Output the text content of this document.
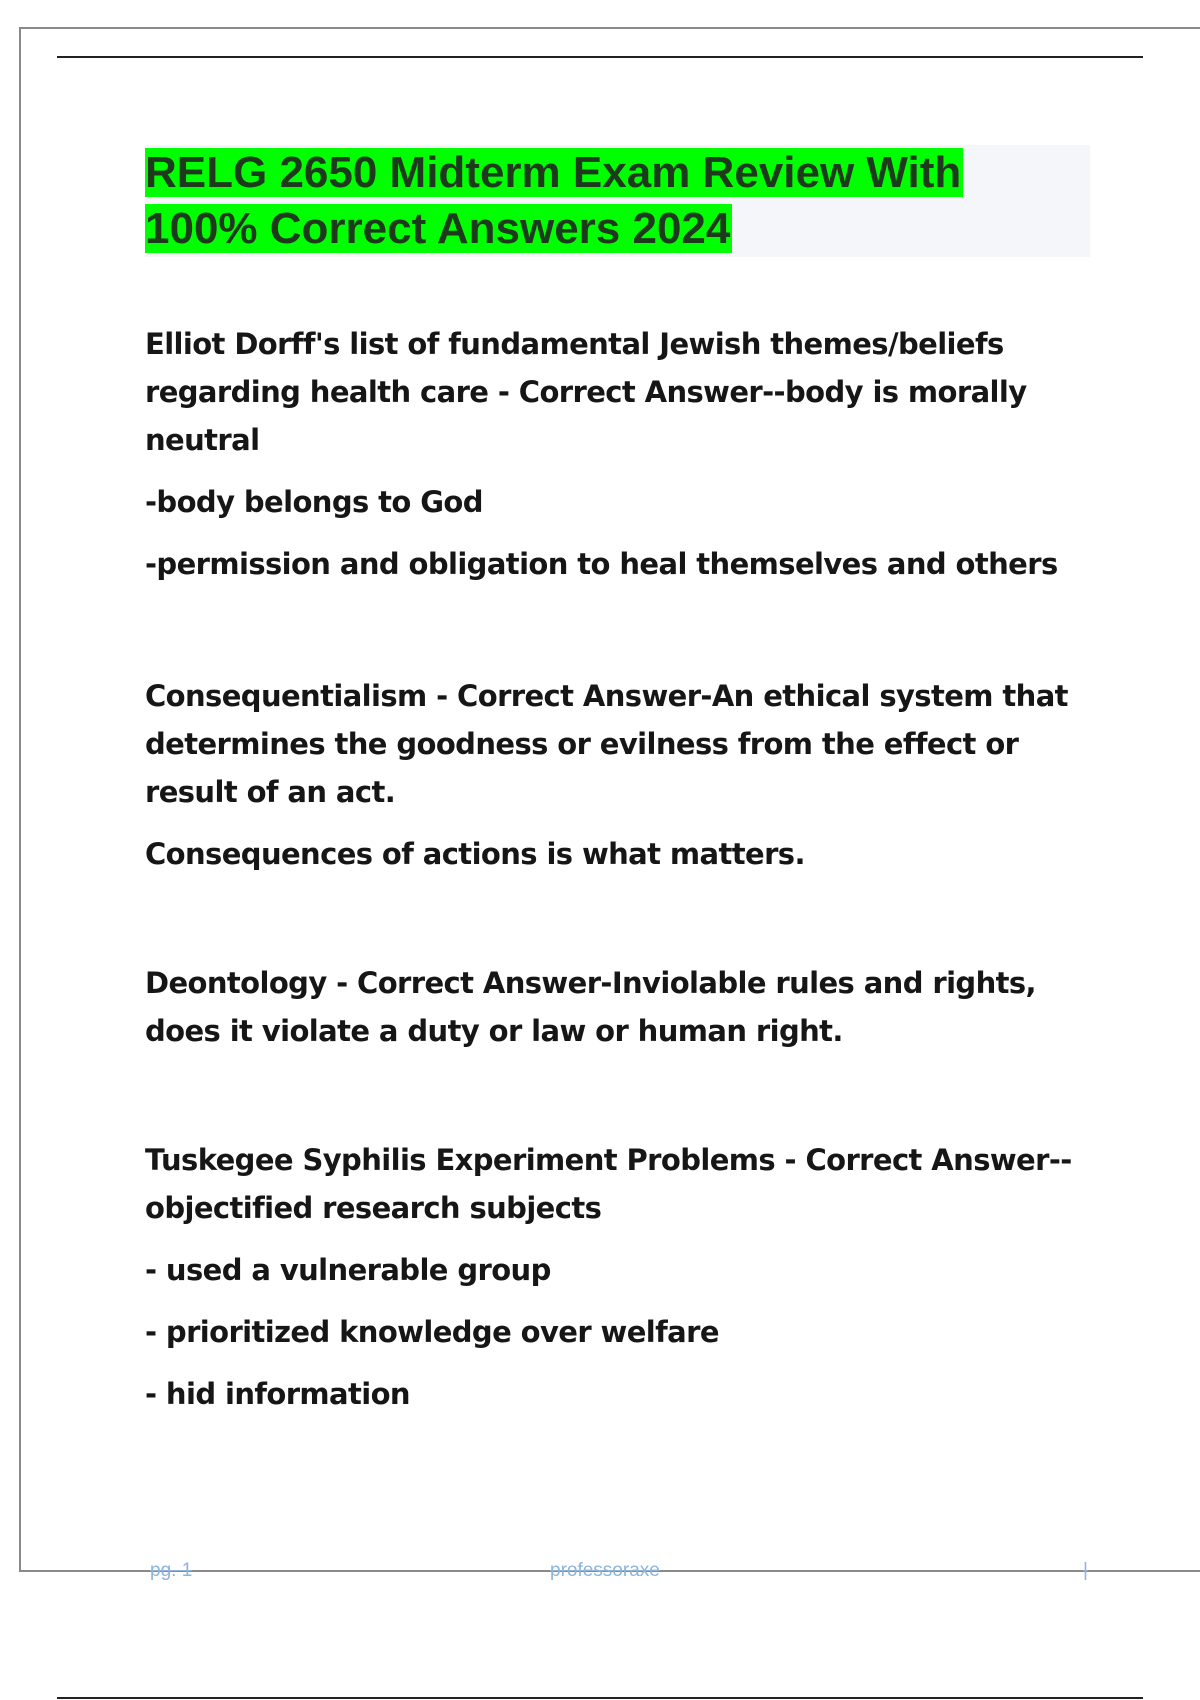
RELG 2650 Midterm Exam Review With
100% Correct Answers 2024

Elliot Dorff's list of fundamental Jewish themes/beliefs regarding health care - Correct Answer--body is morally neutral

-body belongs to God

-permission and obligation to heal themselves and others

Consequentialism - Correct Answer-An ethical system that determines the goodness or evilness from the effect or result of an act.

Consequences of actions is what matters.

Deontology - Correct Answer-Inviolable rules and rights, does it violate a duty or law or human right.

Tuskegee Syphilis Experiment Problems - Correct Answer--objectified research subjects

- used a vulnerable group

- prioritized knowledge over welfare

- hid information

pg. 1	professoraxe	|
